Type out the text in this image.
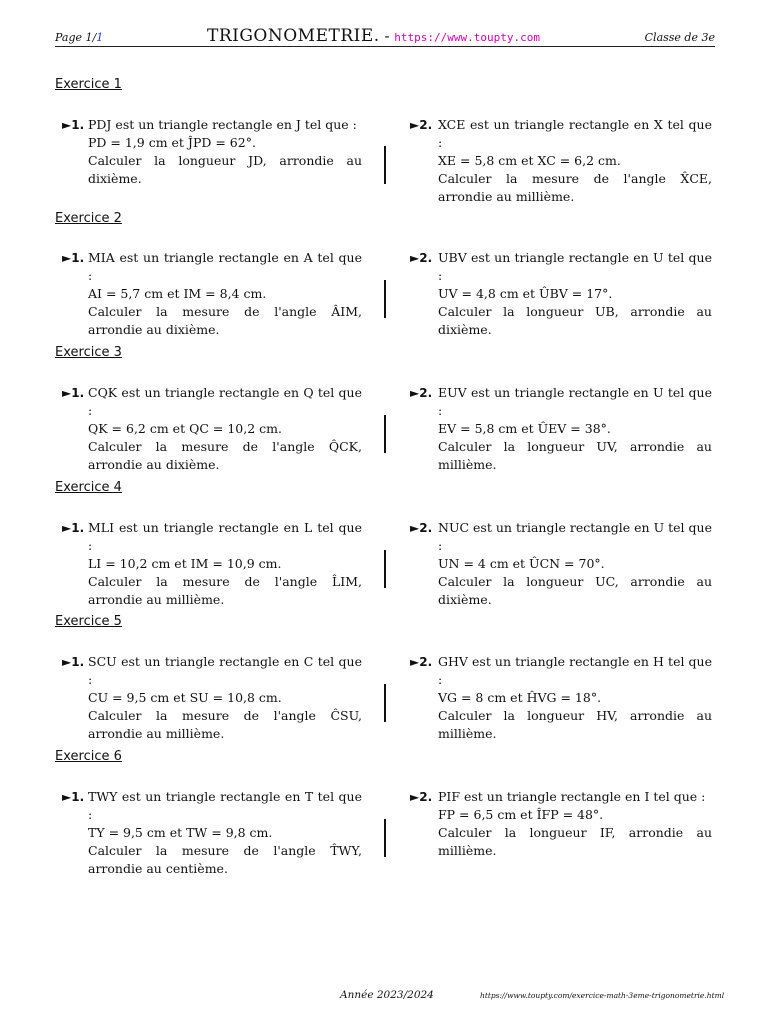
Page 1/1	TRIGONOMETRIE. - https://www.toupty.com	Classe de 3e
Exercice 1
►1. PDJ est un triangle rectangle en J tel que :

PD = 1,9 cm et ĴPD = 62°.

Calculer la longueur JD, arrondie au dixième.

►2. XCE est un triangle rectangle en X tel que :

XE = 5,8 cm et XC = 6,2 cm.

Calculer la mesure de l'angle X̂CE, arrondie au millième.

Exercice 2
►1. MIA est un triangle rectangle en A tel que :

AI = 5,7 cm et IM = 8,4 cm.

Calculer la mesure de l'angle ÂIM, arrondie au dixième.

►2. UBV est un triangle rectangle en U tel que :

UV = 4,8 cm et ÛBV = 17°.

Calculer la longueur UB, arrondie au dixième.

Exercice 3
►1. CQK est un triangle rectangle en Q tel que :

QK = 6,2 cm et QC = 10,2 cm.

Calculer la mesure de l'angle Q̂CK, arrondie au dixième.

►2. EUV est un triangle rectangle en U tel que :

EV = 5,8 cm et ÛEV = 38°.

Calculer la longueur UV, arrondie au millième.

Exercice 4
►1. MLI est un triangle rectangle en L tel que :

LI = 10,2 cm et IM = 10,9 cm.

Calculer la mesure de l'angle L̂IM, arrondie au millième.

►2. NUC est un triangle rectangle en U tel que :

UN = 4 cm et ÛCN = 70°.

Calculer la longueur UC, arrondie au dixième.

Exercice 5
►1. SCU est un triangle rectangle en C tel que :

CU = 9,5 cm et SU = 10,8 cm.

Calculer la mesure de l'angle ĈSU, arrondie au millième.

►2. GHV est un triangle rectangle en H tel que :

VG = 8 cm et ĤVG = 18°.

Calculer la longueur HV, arrondie au millième.

Exercice 6
►1. TWY est un triangle rectangle en T tel que :

TY = 9,5 cm et TW = 9,8 cm.

Calculer la mesure de l'angle T̂WY, arrondie au centième.

►2. PIF est un triangle rectangle en I tel que :

FP = 6,5 cm et ÎFP = 48°.

Calculer la longueur IF, arrondie au millième.

Année 2023/2024	https://www.toupty.com/exercice-math-3eme-trigonometrie.html
